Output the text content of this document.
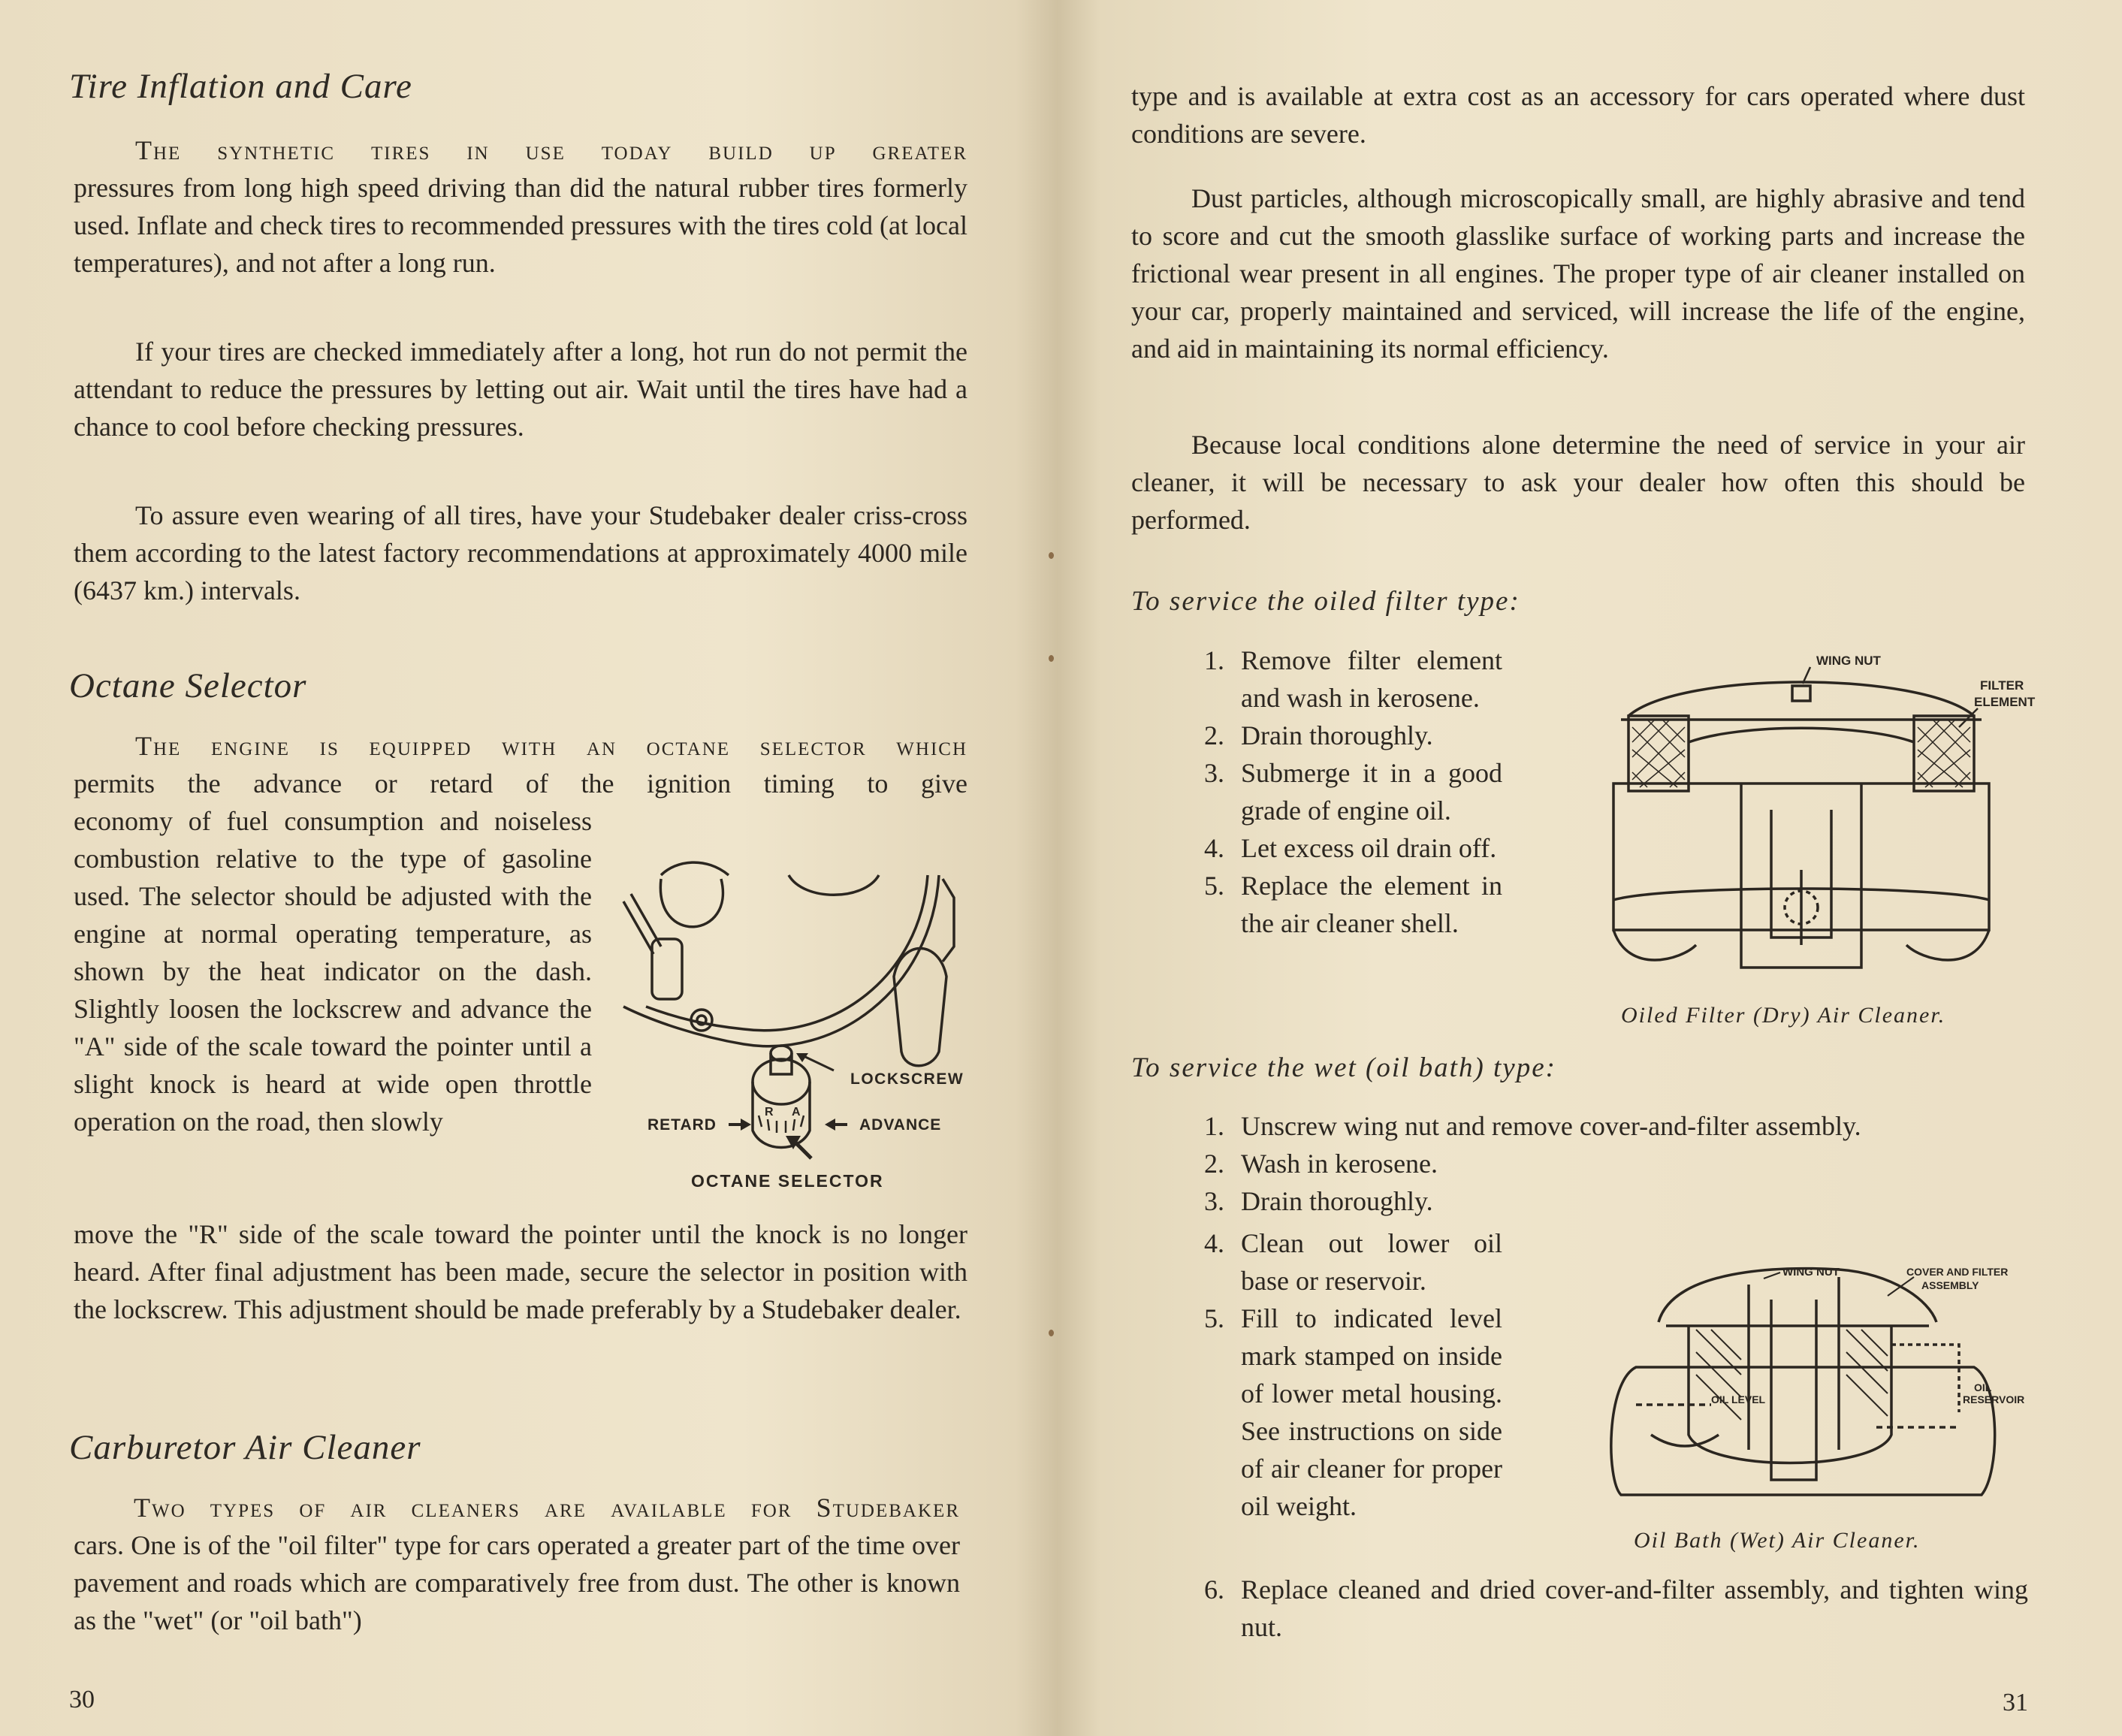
Tire Inflation and Care
The synthetic tires in use today build up greater
pressures from long high speed driving than did the natural rubber tires formerly used. Inflate and check tires to recommended pressures with the tires cold (at local temperatures), and not after a long run.
If your tires are checked immediately after a long, hot run do not permit the attendant to reduce the pressures by letting out air. Wait until the tires have had a chance to cool before checking pressures.
To assure even wearing of all tires, have your Studebaker dealer criss-cross them according to the latest factory recommendations at approximately 4000 mile (6437 km.) intervals.
Octane Selector
The engine is equipped with an octane selector which
permits the advance or retard of the ignition timing to give
economy of fuel consumption and noiseless combustion relative to the type of gasoline used. The selector should be adjusted with the engine at normal operating temperature, as shown by the heat indicator on the dash. Slightly loosen the lockscrew and advance the "A" side of the scale toward the pointer until a slight knock is heard at wide open throttle operation on the road, then slowly
move the "R" side of the scale toward the pointer until the knock is no longer heard. After final adjustment has been made, secure the selector in position with the lockscrew. This adjustment should be made preferably by a Studebaker dealer.
R A
LOCKSCREW
RETARD	ADVANCE
OCTANE SELECTOR
Carburetor Air Cleaner
Two types of air cleaners are available for Studebaker
cars. One is of the "oil filter" type for cars operated a greater part of the time over pavement and roads which are comparatively free from dust. The other is known as the "wet" (or "oil bath")
30
type and is available at extra cost as an accessory for cars operated where dust conditions are severe.
Dust particles, although microscopically small, are highly abrasive and tend to score and cut the smooth glasslike surface of working parts and increase the frictional wear present in all engines. The proper type of air cleaner installed on your car, properly maintained and serviced, will increase the life of the engine, and aid in maintaining its normal efficiency.
Because local conditions alone determine the need of service in your air cleaner, it will be necessary to ask your dealer how often this should be performed.
To service the oiled filter type:
1. Remove filter element and wash in kerosene.
2. Drain thoroughly.
3. Submerge it in a good grade of engine oil.
4. Let excess oil drain off.
5. Replace the element in the air cleaner shell.
WING NUT
FILTER
ELEMENT
Oiled Filter (Dry) Air Cleaner.
To service the wet (oil bath) type:
1. Unscrew wing nut and remove cover-and-filter assembly.
2. Wash in kerosene.
3. Drain thoroughly.
4. Clean out lower oil base or reservoir.
5. Fill to indicated level mark stamped on inside of lower metal housing. See instructions on side of air cleaner for proper oil weight.
6. Replace cleaned and dried cover-and-filter assembly, and tighten wing nut.
WING NUT	COVER AND FILTER
ASSEMBLY
OIL LEVEL
OIL
RESERVOIR
Oil Bath (Wet) Air Cleaner.
31
